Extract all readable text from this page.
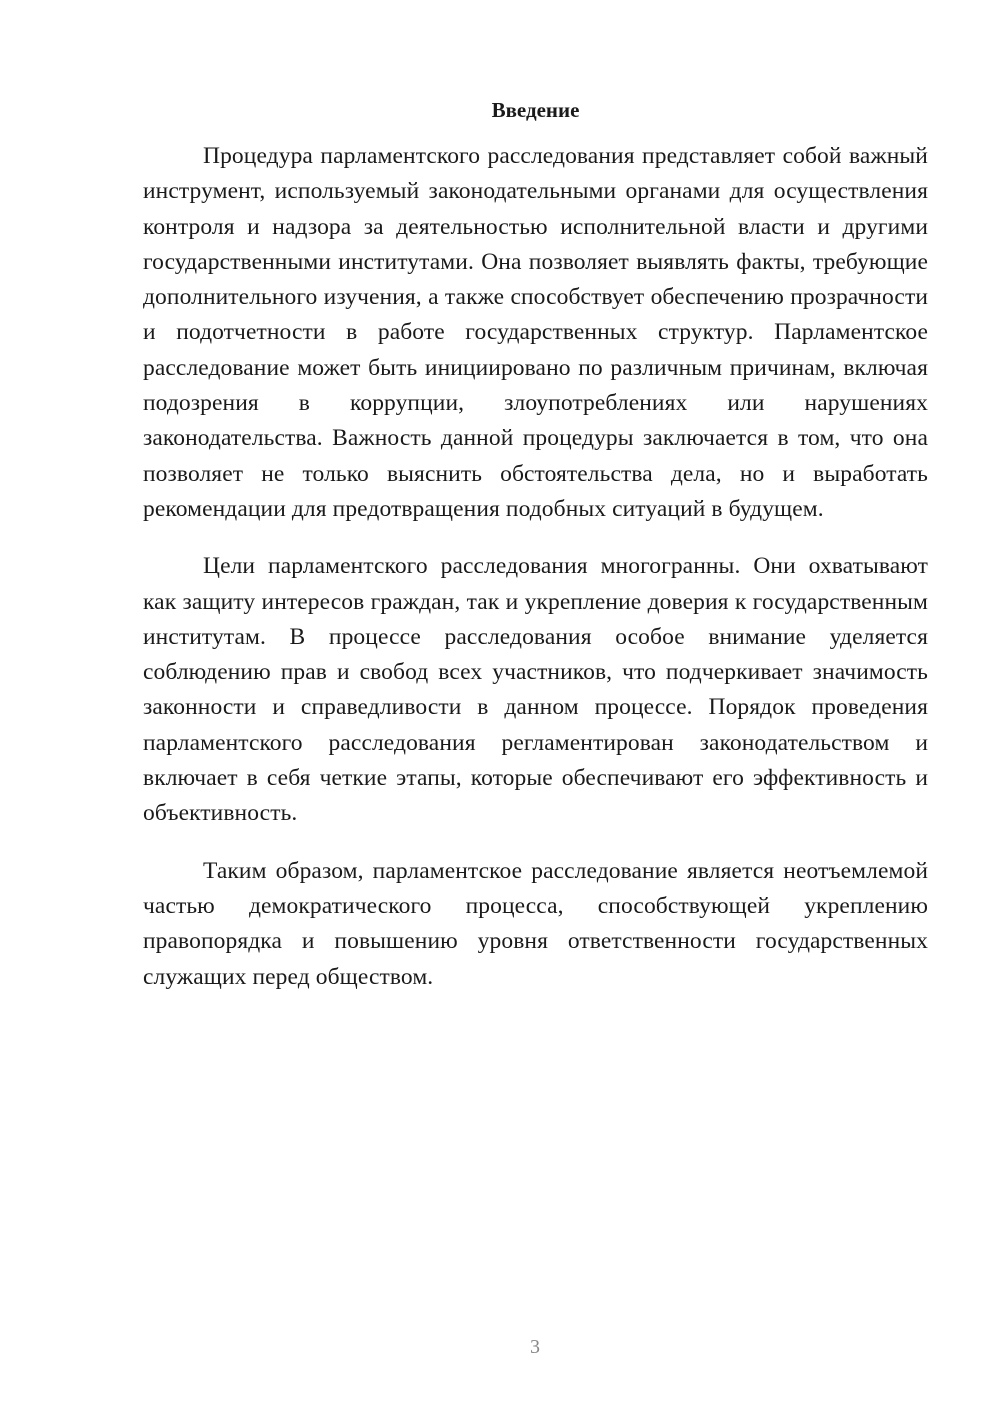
Введение

Процедура парламентского расследования представляет собой важный инструмент, используемый законодательными органами для осуществления контроля и надзора за деятельностью исполнительной власти и другими государственными институтами. Она позволяет выявлять факты, требующие дополнительного изучения, а также способствует обеспечению прозрачности и подотчетности в работе государственных структур. Парламентское расследование может быть инициировано по различным причинам, включая подозрения в коррупции, злоупотреблениях или нарушениях законодательства. Важность данной процедуры заключается в том, что она позволяет не только выяснить обстоятельства дела, но и выработать рекомендации для предотвращения подобных ситуаций в будущем.

Цели парламентского расследования многогранны. Они охватывают как защиту интересов граждан, так и укрепление доверия к государственным институтам. В процессе расследования особое внимание уделяется соблюдению прав и свобод всех участников, что подчеркивает значимость законности и справедливости в данном процессе. Порядок проведения парламентского расследования регламентирован законодательством и включает в себя четкие этапы, которые обеспечивают его эффективность и объективность.

Таким образом, парламентское расследование является неотъемлемой частью демократического процесса, способствующей укреплению правопорядка и повышению уровня ответственности государственных служащих перед обществом.

3
